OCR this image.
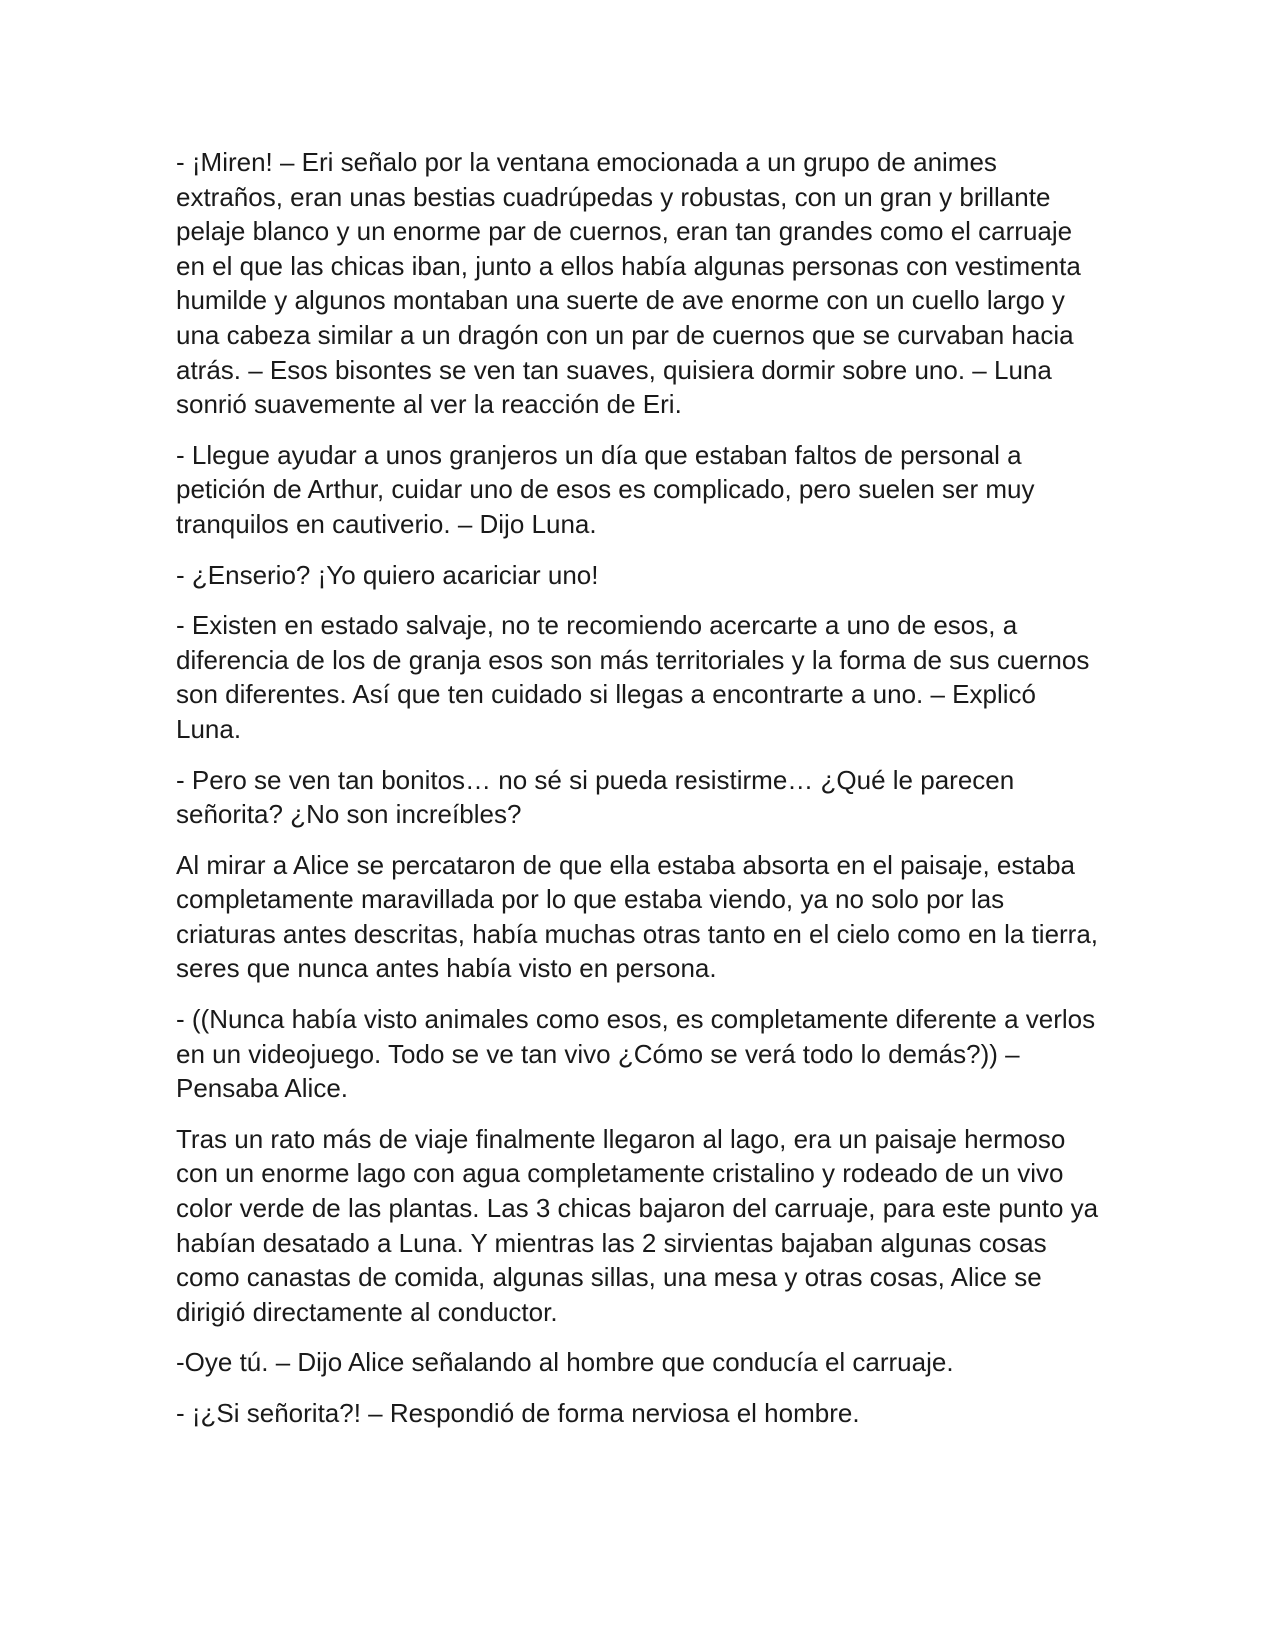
- ¡Miren! – Eri señalo por la ventana emocionada a un grupo de animes extraños, eran unas bestias cuadrúpedas y robustas, con un gran y brillante pelaje blanco y un enorme par de cuernos, eran tan grandes como el carruaje en el que las chicas iban, junto a ellos había algunas personas con vestimenta humilde y algunos montaban una suerte de ave enorme con un cuello largo y una cabeza similar a un dragón con un par de cuernos que se curvaban hacia atrás. – Esos bisontes se ven tan suaves, quisiera dormir sobre uno. – Luna sonrió suavemente al ver la reacción de Eri.

- Llegue ayudar a unos granjeros un día que estaban faltos de personal a petición de Arthur, cuidar uno de esos es complicado, pero suelen ser muy tranquilos en cautiverio. – Dijo Luna.

- ¿Enserio? ¡Yo quiero acariciar uno!

- Existen en estado salvaje, no te recomiendo acercarte a uno de esos, a diferencia de los de granja esos son más territoriales y la forma de sus cuernos son diferentes. Así que ten cuidado si llegas a encontrarte a uno. – Explicó Luna.

- Pero se ven tan bonitos… no sé si pueda resistirme… ¿Qué le parecen señorita? ¿No son increíbles?

Al mirar a Alice se percataron de que ella estaba absorta en el paisaje, estaba completamente maravillada por lo que estaba viendo, ya no solo por las criaturas antes descritas, había muchas otras tanto en el cielo como en la tierra, seres que nunca antes había visto en persona.

- ((Nunca había visto animales como esos, es completamente diferente a verlos en un videojuego. Todo se ve tan vivo ¿Cómo se verá todo lo demás?)) – Pensaba Alice.

Tras un rato más de viaje finalmente llegaron al lago, era un paisaje hermoso con un enorme lago con agua completamente cristalino y rodeado de un vivo color verde de las plantas. Las 3 chicas bajaron del carruaje, para este punto ya habían desatado a Luna. Y mientras las 2 sirvientas bajaban algunas cosas como canastas de comida, algunas sillas, una mesa y otras cosas, Alice se dirigió directamente al conductor.

-Oye tú. – Dijo Alice señalando al hombre que conducía el carruaje.

- ¡¿Si señorita?! – Respondió de forma nerviosa el hombre.
